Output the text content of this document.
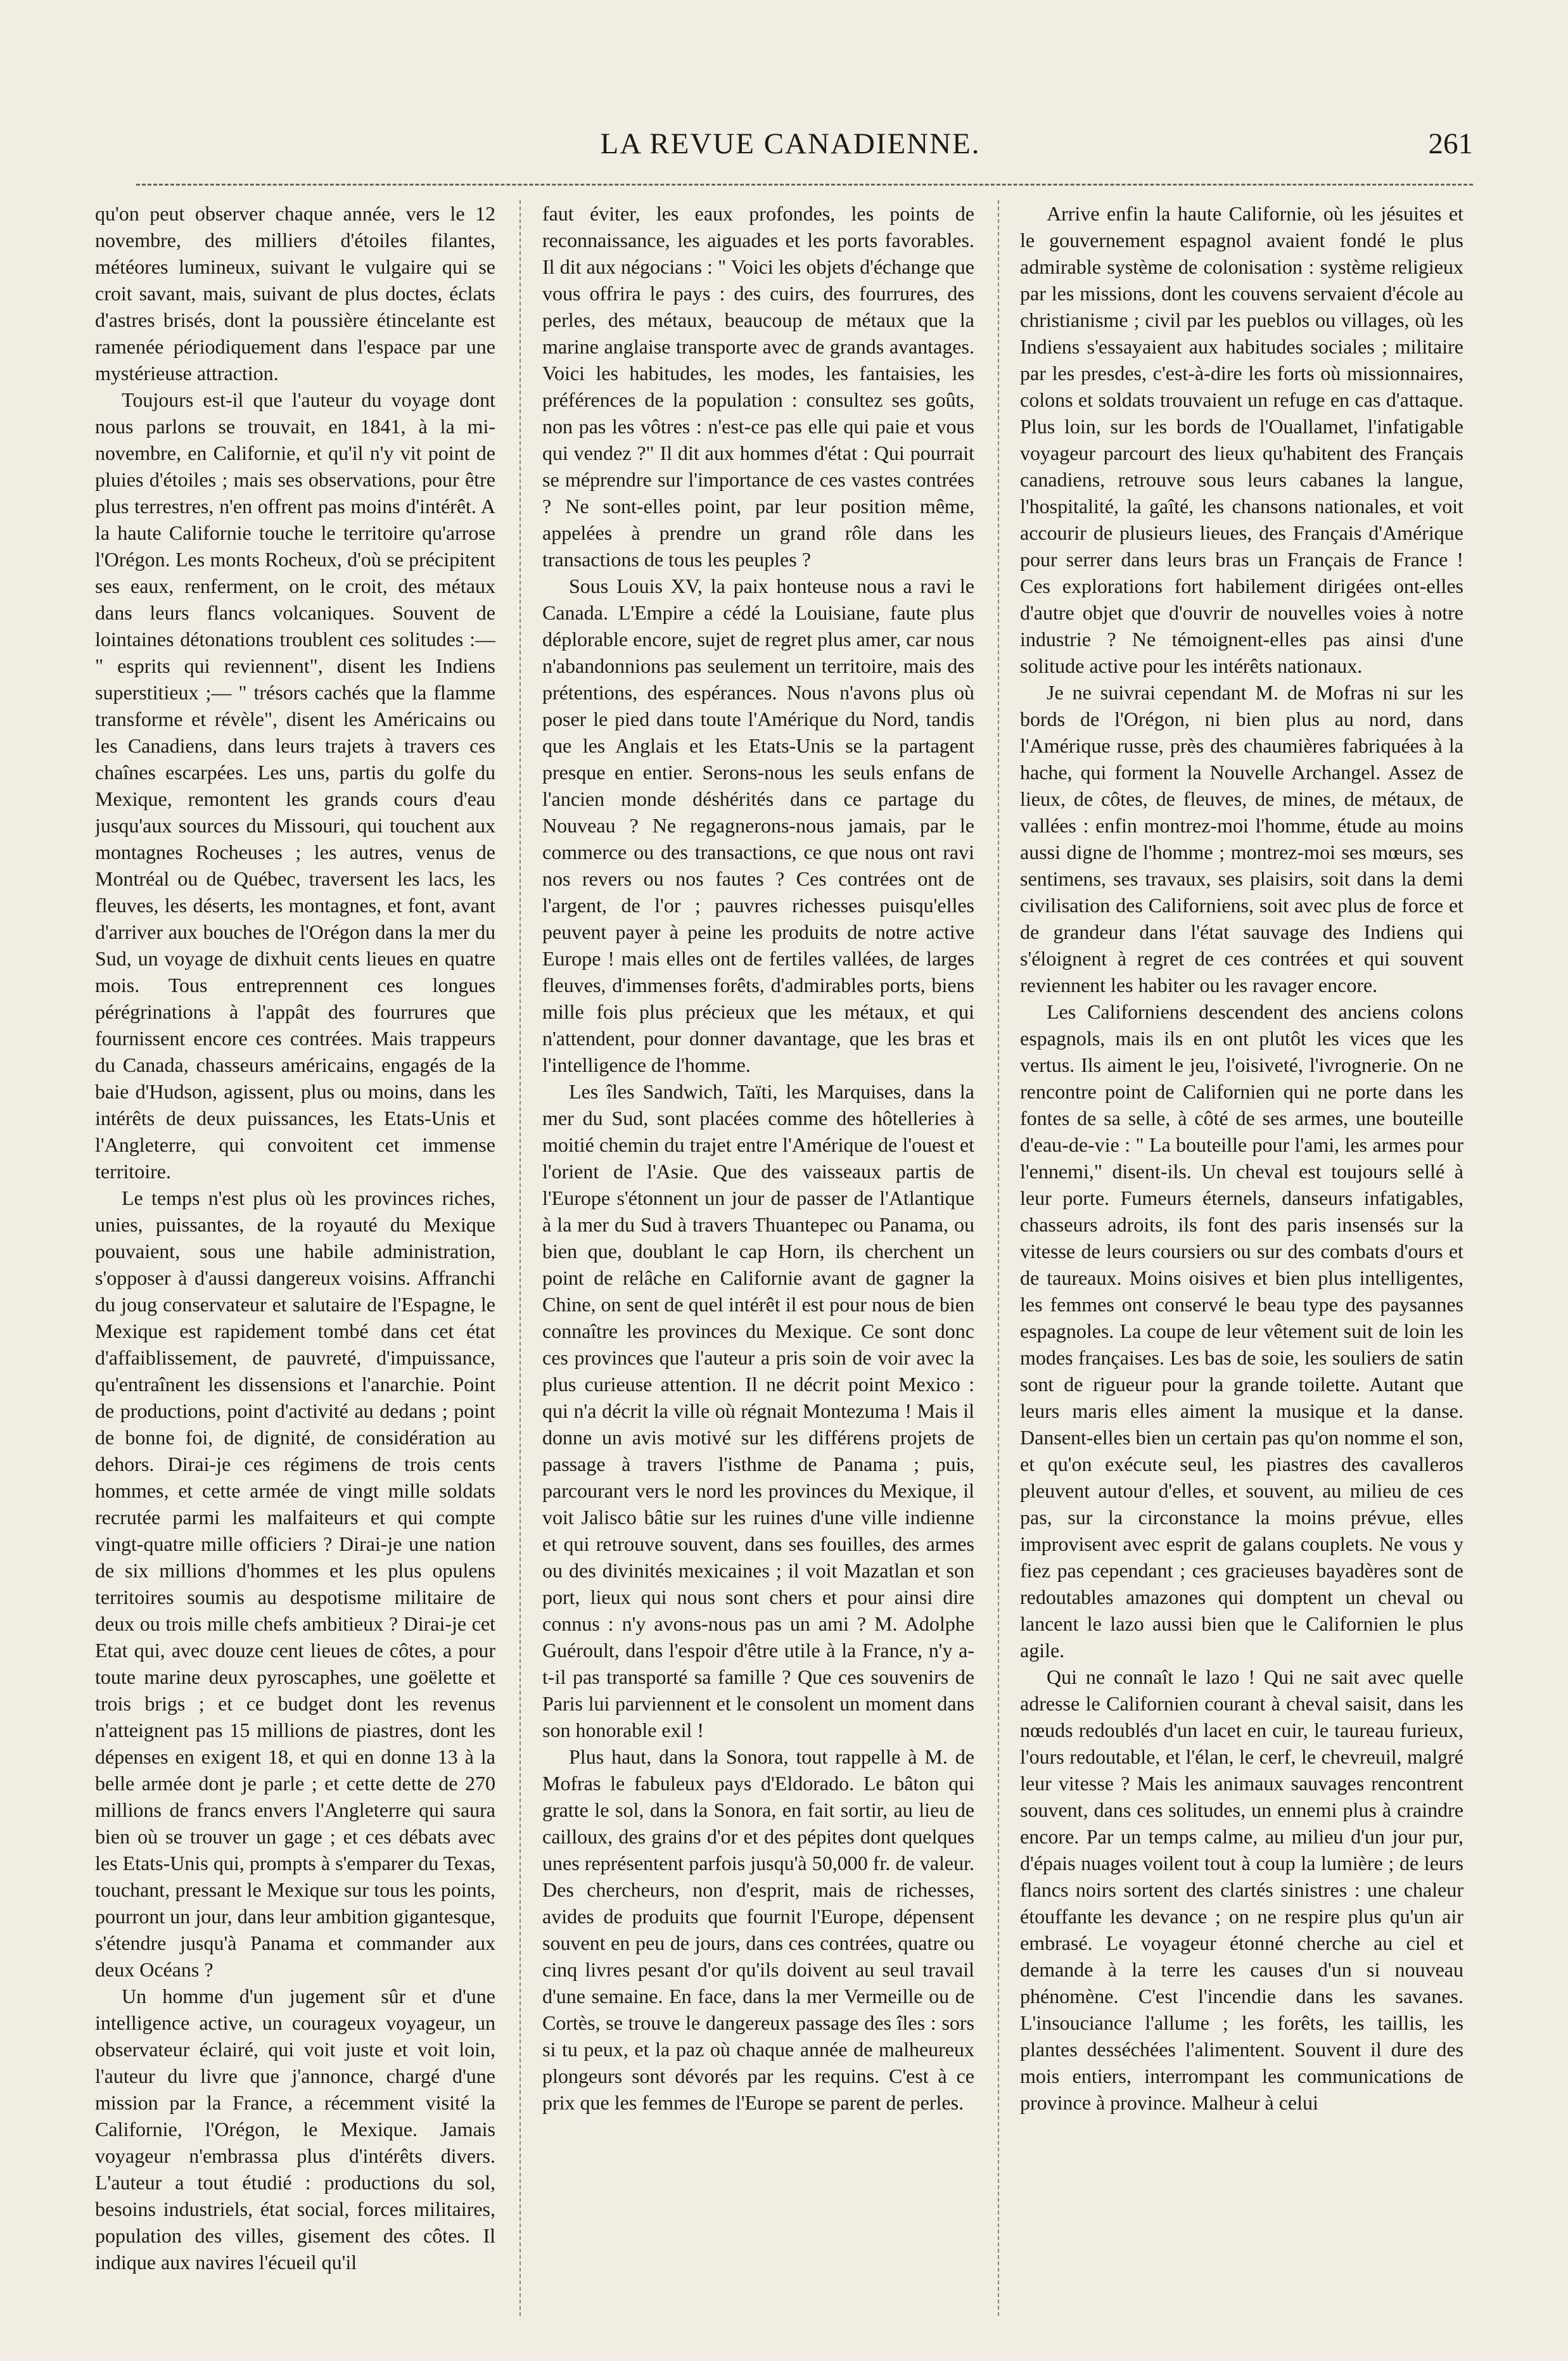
LA REVUE CANADIENNE.	261

qu'on peut observer chaque année, vers le 12 novembre, des milliers d'étoiles filantes, météores lumineux, suivant le vulgaire qui se croit savant, mais, suivant de plus doctes, éclats d'astres brisés, dont la poussière étincelante est ramenée périodiquement dans l'espace par une mystérieuse attraction.

Toujours est-il que l'auteur du voyage dont nous parlons se trouvait, en 1841, à la mi-novembre, en Californie, et qu'il n'y vit point de pluies d'étoiles ; mais ses observations, pour être plus terrestres, n'en offrent pas moins d'intérêt. A la haute Californie touche le territoire qu'arrose l'Orégon. Les monts Rocheux, d'où se précipitent ses eaux, renferment, on le croit, des métaux dans leurs flancs volcaniques. Souvent de lointaines détonations troublent ces solitudes :— " esprits qui reviennent", disent les Indiens superstitieux ;— " trésors cachés que la flamme transforme et révèle", disent les Américains ou les Canadiens, dans leurs trajets à travers ces chaînes escarpées. Les uns, partis du golfe du Mexique, remontent les grands cours d'eau jusqu'aux sources du Missouri, qui touchent aux montagnes Rocheuses ; les autres, venus de Montréal ou de Québec, traversent les lacs, les fleuves, les déserts, les montagnes, et font, avant d'arriver aux bouches de l'Orégon dans la mer du Sud, un voyage de dixhuit cents lieues en quatre mois. Tous entreprennent ces longues pérégrinations à l'appât des fourrures que fournissent encore ces contrées. Mais trappeurs du Canada, chasseurs américains, engagés de la baie d'Hudson, agissent, plus ou moins, dans les intérêts de deux puissances, les Etats-Unis et l'Angleterre, qui convoitent cet immense territoire.

Le temps n'est plus où les provinces riches, unies, puissantes, de la royauté du Mexique pouvaient, sous une habile administration, s'opposer à d'aussi dangereux voisins. Affranchi du joug conservateur et salutaire de l'Espagne, le Mexique est rapidement tombé dans cet état d'affaiblissement, de pauvreté, d'impuissance, qu'entraînent les dissensions et l'anarchie. Point de productions, point d'activité au dedans ; point de bonne foi, de dignité, de considération au dehors. Dirai-je ces régimens de trois cents hommes, et cette armée de vingt mille soldats recrutée parmi les malfaiteurs et qui compte vingt-quatre mille officiers ? Dirai-je une nation de six millions d'hommes et les plus opulens territoires soumis au despotisme militaire de deux ou trois mille chefs ambitieux ? Dirai-je cet Etat qui, avec douze cent lieues de côtes, a pour toute marine deux pyroscaphes, une goëlette et trois brigs ; et ce budget dont les revenus n'atteignent pas 15 millions de piastres, dont les dépenses en exigent 18, et qui en donne 13 à la belle armée dont je parle ; et cette dette de 270 millions de francs envers l'Angleterre qui saura bien où se trouver un gage ; et ces débats avec les Etats-Unis qui, prompts à s'emparer du Texas, touchant, pressant le Mexique sur tous les points, pourront un jour, dans leur ambition gigantesque, s'étendre jusqu'à Panama et commander aux deux Océans ?

Un homme d'un jugement sûr et d'une intelligence active, un courageux voyageur, un observateur éclairé, qui voit juste et voit loin, l'auteur du livre que j'annonce, chargé d'une mission par la France, a récemment visité la Californie, l'Orégon, le Mexique. Jamais voyageur n'embrassa plus d'intérêts divers. L'auteur a tout étudié : productions du sol, besoins industriels, état social, forces militaires, population des villes, gisement des côtes. Il indique aux navires l'écueil qu'il

faut éviter, les eaux profondes, les points de reconnaissance, les aiguades et les ports favorables. Il dit aux négocians : " Voici les objets d'échange que vous offrira le pays : des cuirs, des fourrures, des perles, des métaux, beaucoup de métaux que la marine anglaise transporte avec de grands avantages. Voici les habitudes, les modes, les fantaisies, les préférences de la population : consultez ses goûts, non pas les vôtres : n'est-ce pas elle qui paie et vous qui vendez ?" Il dit aux hommes d'état : Qui pourrait se méprendre sur l'importance de ces vastes contrées ? Ne sont-elles point, par leur position même, appelées à prendre un grand rôle dans les transactions de tous les peuples ?

Sous Louis XV, la paix honteuse nous a ravi le Canada. L'Empire a cédé la Louisiane, faute plus déplorable encore, sujet de regret plus amer, car nous n'abandonnions pas seulement un territoire, mais des prétentions, des espérances. Nous n'avons plus où poser le pied dans toute l'Amérique du Nord, tandis que les Anglais et les Etats-Unis se la partagent presque en entier. Serons-nous les seuls enfans de l'ancien monde déshérités dans ce partage du Nouveau ? Ne regagnerons-nous jamais, par le commerce ou des transactions, ce que nous ont ravi nos revers ou nos fautes ? Ces contrées ont de l'argent, de l'or ; pauvres richesses puisqu'elles peuvent payer à peine les produits de notre active Europe ! mais elles ont de fertiles vallées, de larges fleuves, d'immenses forêts, d'admirables ports, biens mille fois plus précieux que les métaux, et qui n'attendent, pour donner davantage, que les bras et l'intelligence de l'homme.

Les îles Sandwich, Taïti, les Marquises, dans la mer du Sud, sont placées comme des hôtelleries à moitié chemin du trajet entre l'Amérique de l'ouest et l'orient de l'Asie. Que des vaisseaux partis de l'Europe s'étonnent un jour de passer de l'Atlantique à la mer du Sud à travers Thuantepec ou Panama, ou bien que, doublant le cap Horn, ils cherchent un point de relâche en Californie avant de gagner la Chine, on sent de quel intérêt il est pour nous de bien connaître les provinces du Mexique. Ce sont donc ces provinces que l'auteur a pris soin de voir avec la plus curieuse attention. Il ne décrit point Mexico : qui n'a décrit la ville où régnait Montezuma ! Mais il donne un avis motivé sur les différens projets de passage à travers l'isthme de Panama ; puis, parcourant vers le nord les provinces du Mexique, il voit Jalisco bâtie sur les ruines d'une ville indienne et qui retrouve souvent, dans ses fouilles, des armes ou des divinités mexicaines ; il voit Mazatlan et son port, lieux qui nous sont chers et pour ainsi dire connus : n'y avons-nous pas un ami ? M. Adolphe Guéroult, dans l'espoir d'être utile à la France, n'y a-t-il pas transporté sa famille ? Que ces souvenirs de Paris lui parviennent et le consolent un moment dans son honorable exil !

Plus haut, dans la Sonora, tout rappelle à M. de Mofras le fabuleux pays d'Eldorado. Le bâton qui gratte le sol, dans la Sonora, en fait sortir, au lieu de cailloux, des grains d'or et des pépites dont quelques unes représentent parfois jusqu'à 50,000 fr. de valeur. Des chercheurs, non d'esprit, mais de richesses, avides de produits que fournit l'Europe, dépensent souvent en peu de jours, dans ces contrées, quatre ou cinq livres pesant d'or qu'ils doivent au seul travail d'une semaine. En face, dans la mer Vermeille ou de Cortès, se trouve le dangereux passage des îles : sors si tu peux, et la paz où chaque année de malheureux plongeurs sont dévorés par les requins. C'est à ce prix que les femmes de l'Europe se parent de perles.

Arrive enfin la haute Californie, où les jésuites et le gouvernement espagnol avaient fondé le plus admirable système de colonisation : système religieux par les missions, dont les couvens servaient d'école au christianisme ; civil par les pueblos ou villages, où les Indiens s'essayaient aux habitudes sociales ; militaire par les presdes, c'est-à-dire les forts où missionnaires, colons et soldats trouvaient un refuge en cas d'attaque. Plus loin, sur les bords de l'Ouallamet, l'infatigable voyageur parcourt des lieux qu'habitent des Français canadiens, retrouve sous leurs cabanes la langue, l'hospitalité, la gaîté, les chansons nationales, et voit accourir de plusieurs lieues, des Français d'Amérique pour serrer dans leurs bras un Français de France ! Ces explorations fort habilement dirigées ont-elles d'autre objet que d'ouvrir de nouvelles voies à notre industrie ? Ne témoignent-elles pas ainsi d'une solitude active pour les intérêts nationaux.

Je ne suivrai cependant M. de Mofras ni sur les bords de l'Orégon, ni bien plus au nord, dans l'Amérique russe, près des chaumières fabriquées à la hache, qui forment la Nouvelle Archangel. Assez de lieux, de côtes, de fleuves, de mines, de métaux, de vallées : enfin montrez-moi l'homme, étude au moins aussi digne de l'homme ; montrez-moi ses mœurs, ses sentimens, ses travaux, ses plaisirs, soit dans la demi civilisation des Californiens, soit avec plus de force et de grandeur dans l'état sauvage des Indiens qui s'éloignent à regret de ces contrées et qui souvent reviennent les habiter ou les ravager encore.

Les Californiens descendent des anciens colons espagnols, mais ils en ont plutôt les vices que les vertus. Ils aiment le jeu, l'oisiveté, l'ivrognerie. On ne rencontre point de Californien qui ne porte dans les fontes de sa selle, à côté de ses armes, une bouteille d'eau-de-vie : " La bouteille pour l'ami, les armes pour l'ennemi," disent-ils. Un cheval est toujours sellé à leur porte. Fumeurs éternels, danseurs infatigables, chasseurs adroits, ils font des paris insensés sur la vitesse de leurs coursiers ou sur des combats d'ours et de taureaux. Moins oisives et bien plus intelligentes, les femmes ont conservé le beau type des paysannes espagnoles. La coupe de leur vêtement suit de loin les modes françaises. Les bas de soie, les souliers de satin sont de rigueur pour la grande toilette. Autant que leurs maris elles aiment la musique et la danse. Dansent-elles bien un certain pas qu'on nomme el son, et qu'on exécute seul, les piastres des cavalleros pleuvent autour d'elles, et souvent, au milieu de ces pas, sur la circonstance la moins prévue, elles improvisent avec esprit de galans couplets. Ne vous y fiez pas cependant ; ces gracieuses bayadères sont de redoutables amazones qui domptent un cheval ou lancent le lazo aussi bien que le Californien le plus agile.

Qui ne connaît le lazo ! Qui ne sait avec quelle adresse le Californien courant à cheval saisit, dans les nœuds redoublés d'un lacet en cuir, le taureau furieux, l'ours redoutable, et l'élan, le cerf, le chevreuil, malgré leur vitesse ? Mais les animaux sauvages rencontrent souvent, dans ces solitudes, un ennemi plus à craindre encore. Par un temps calme, au milieu d'un jour pur, d'épais nuages voilent tout à coup la lumière ; de leurs flancs noirs sortent des clartés sinistres : une chaleur étouffante les devance ; on ne respire plus qu'un air embrasé. Le voyageur étonné cherche au ciel et demande à la terre les causes d'un si nouveau phénomène. C'est l'incendie dans les savanes. L'insouciance l'allume ; les forêts, les taillis, les plantes desséchées l'alimentent. Souvent il dure des mois entiers, interrompant les communications de province à province. Malheur à celui
